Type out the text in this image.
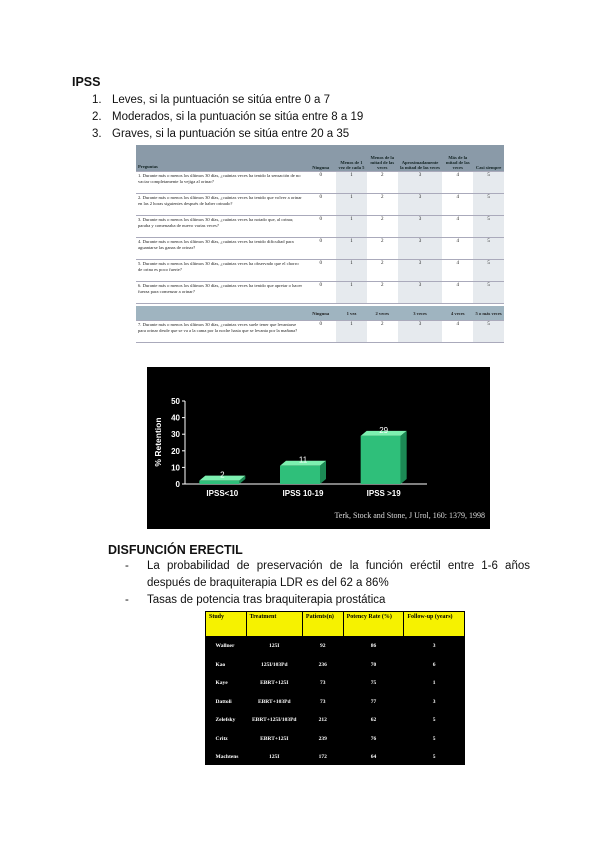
IPSS
1. Leves, si la puntuación se sitúa entre 0 a 7
2. Moderados, si la puntuación se sitúa entre 8 a 19
3. Graves, si la puntuación se sitúa entre 20 a 35
Preguntas	Ninguna	Menos de 1 vez de cada 5	Menos de la mitad de las veces	Aproximadamente la mitad de las veces	Más de la mitad de las veces	Casi siempre
1. Durante más o menos los últimos 30 días, ¿cuántas veces ha tenido la sensación de no vaciar completamente la vejiga al orinar?	0	1	2	3	4	5
2. Durante más o menos los últimos 30 días, ¿cuántas veces ha tenido que volver a orinar en las 2 horas siguientes después de haber orinado?	0	1	2	3	4	5
3. Durante más o menos los últimos 30 días, ¿cuántas veces ha notado que, al orinar, paraba y comenzaba de nuevo varias veces?	0	1	2	3	4	5
4. Durante más o menos los últimos 30 días, ¿cuántas veces ha tenido dificultad para aguantarse las ganas de orinar?	0	1	2	3	4	5
5. Durante más o menos los últimos 30 días, ¿cuántas veces ha observado que el chorro de orina es poco fuerte?	0	1	2	3	4	5
6. Durante más o menos los últimos 30 días, ¿cuántas veces ha tenido que apretar o hacer fuerza para comenzar a orinar?	0	1	2	3	4	5

	Ninguna	1 vez	2 veces	3 veces	4 veces	5 o más veces
7. Durante más o menos los últimos 30 días, ¿cuántas veces suele tener que levantarse para orinar desde que se va a la cama por la noche hasta que se levanta por la mañana?	0	1	2	3	4	5
0
10
20
30
40
50
% Retention
2
IPSS<10
11
IPSS 10-19
29
IPSS >19
Terk, Stock and Stone, J Urol, 160: 1379, 1998
DISFUNCIÓN ERECTIL
- La probabilidad de preservación de la función eréctil entre 1-6 años después de braquiterapia LDR es del 62 a 86%
- Tasas de potencia tras braquiterapia prostática
Study	Treatment	Patients(n)	Potency Rate (%)	Follow-up (years)
Wallner	125I	92	86	3
Kao	125I/103Pd	236	70	6
Kaye	EBRT+125I	73	75	1
Dattoli	EBRT+103Pd	73	77	3
Zelefsky	EBRT+125I/103Pd	212	62	5
Critz	EBRT+125I	239	76	5
Machtens	125I	172	64	5
